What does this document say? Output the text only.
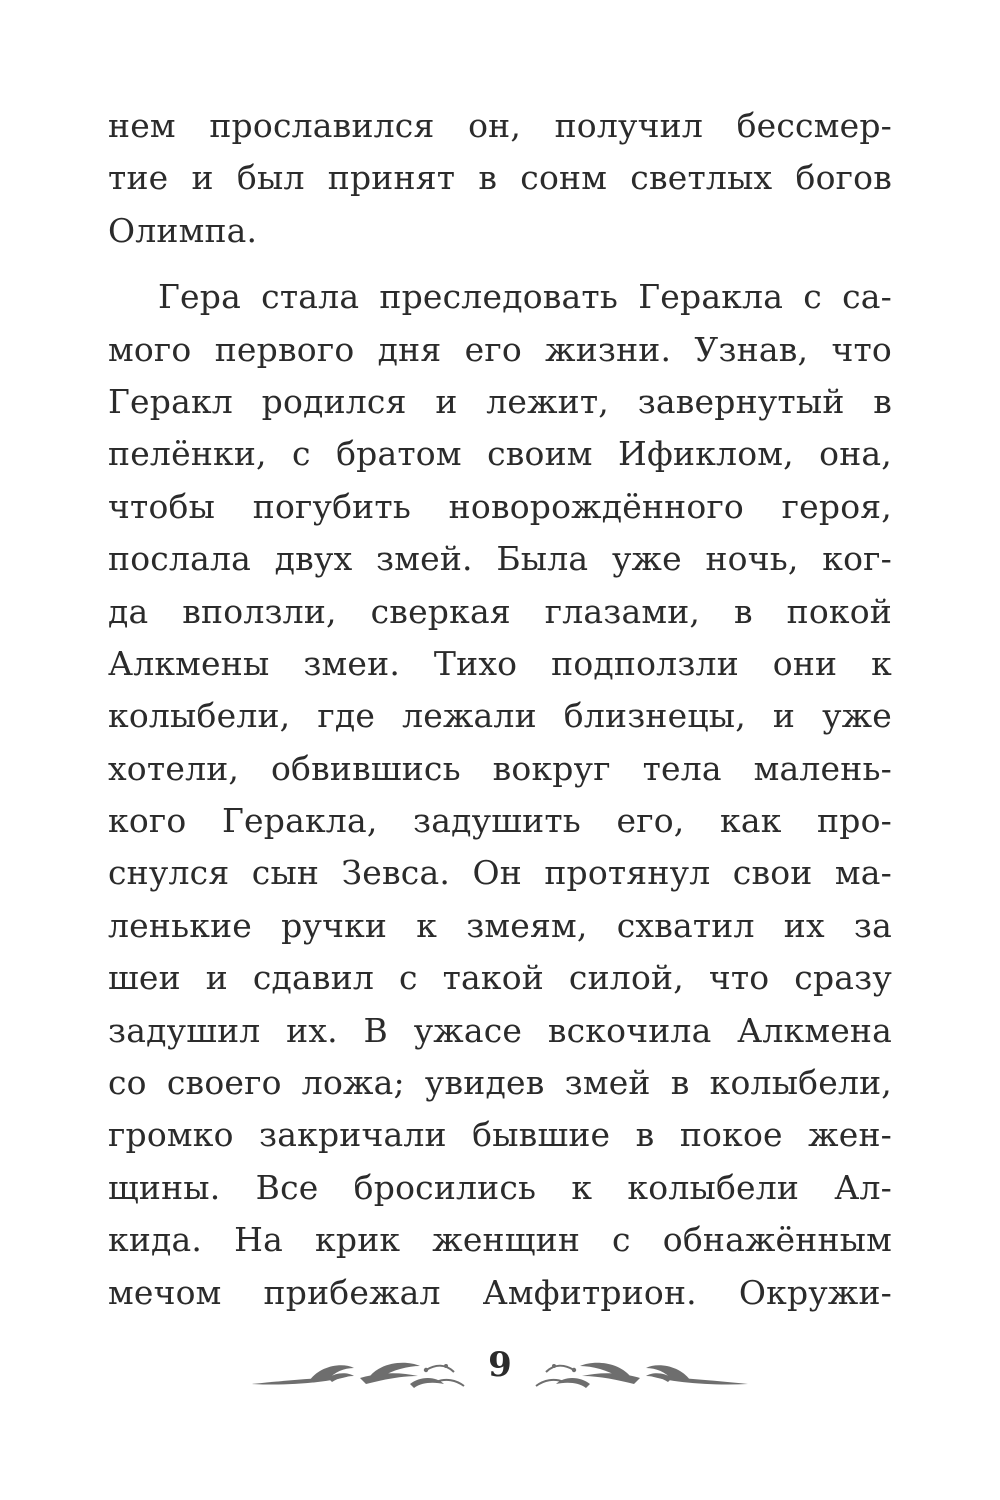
нем прославился он, получил бессмер-
тие и был принят в сонм светлых богов
Олимпа.
Гера стала преследовать Геракла с са-
мого первого дня его жизни. Узнав, что
Геракл родился и лежит, завернутый в
пелёнки, с братом своим Ификлом, она,
чтобы погубить новорождённого героя,
послала двух змей. Была уже ночь, ког-
да вползли, сверкая глазами, в покой
Алкмены змеи. Тихо подползли они к
колыбели, где лежали близнецы, и уже
хотели, обвившись вокруг тела малень-
кого Геракла, задушить его, как про-
снулся сын Зевса. Он протянул свои ма-
ленькие ручки к змеям, схватил их за
шеи и сдавил с такой силой, что сразу
задушил их. В ужасе вскочила Алкмена
со своего ложа; увидев змей в колыбели,
громко закричали бывшие в покое жен-
щины. Все бросились к колыбели Ал-
кида. На крик женщин с обнажённым
мечом прибежал Амфитрион. Окружи-
9
